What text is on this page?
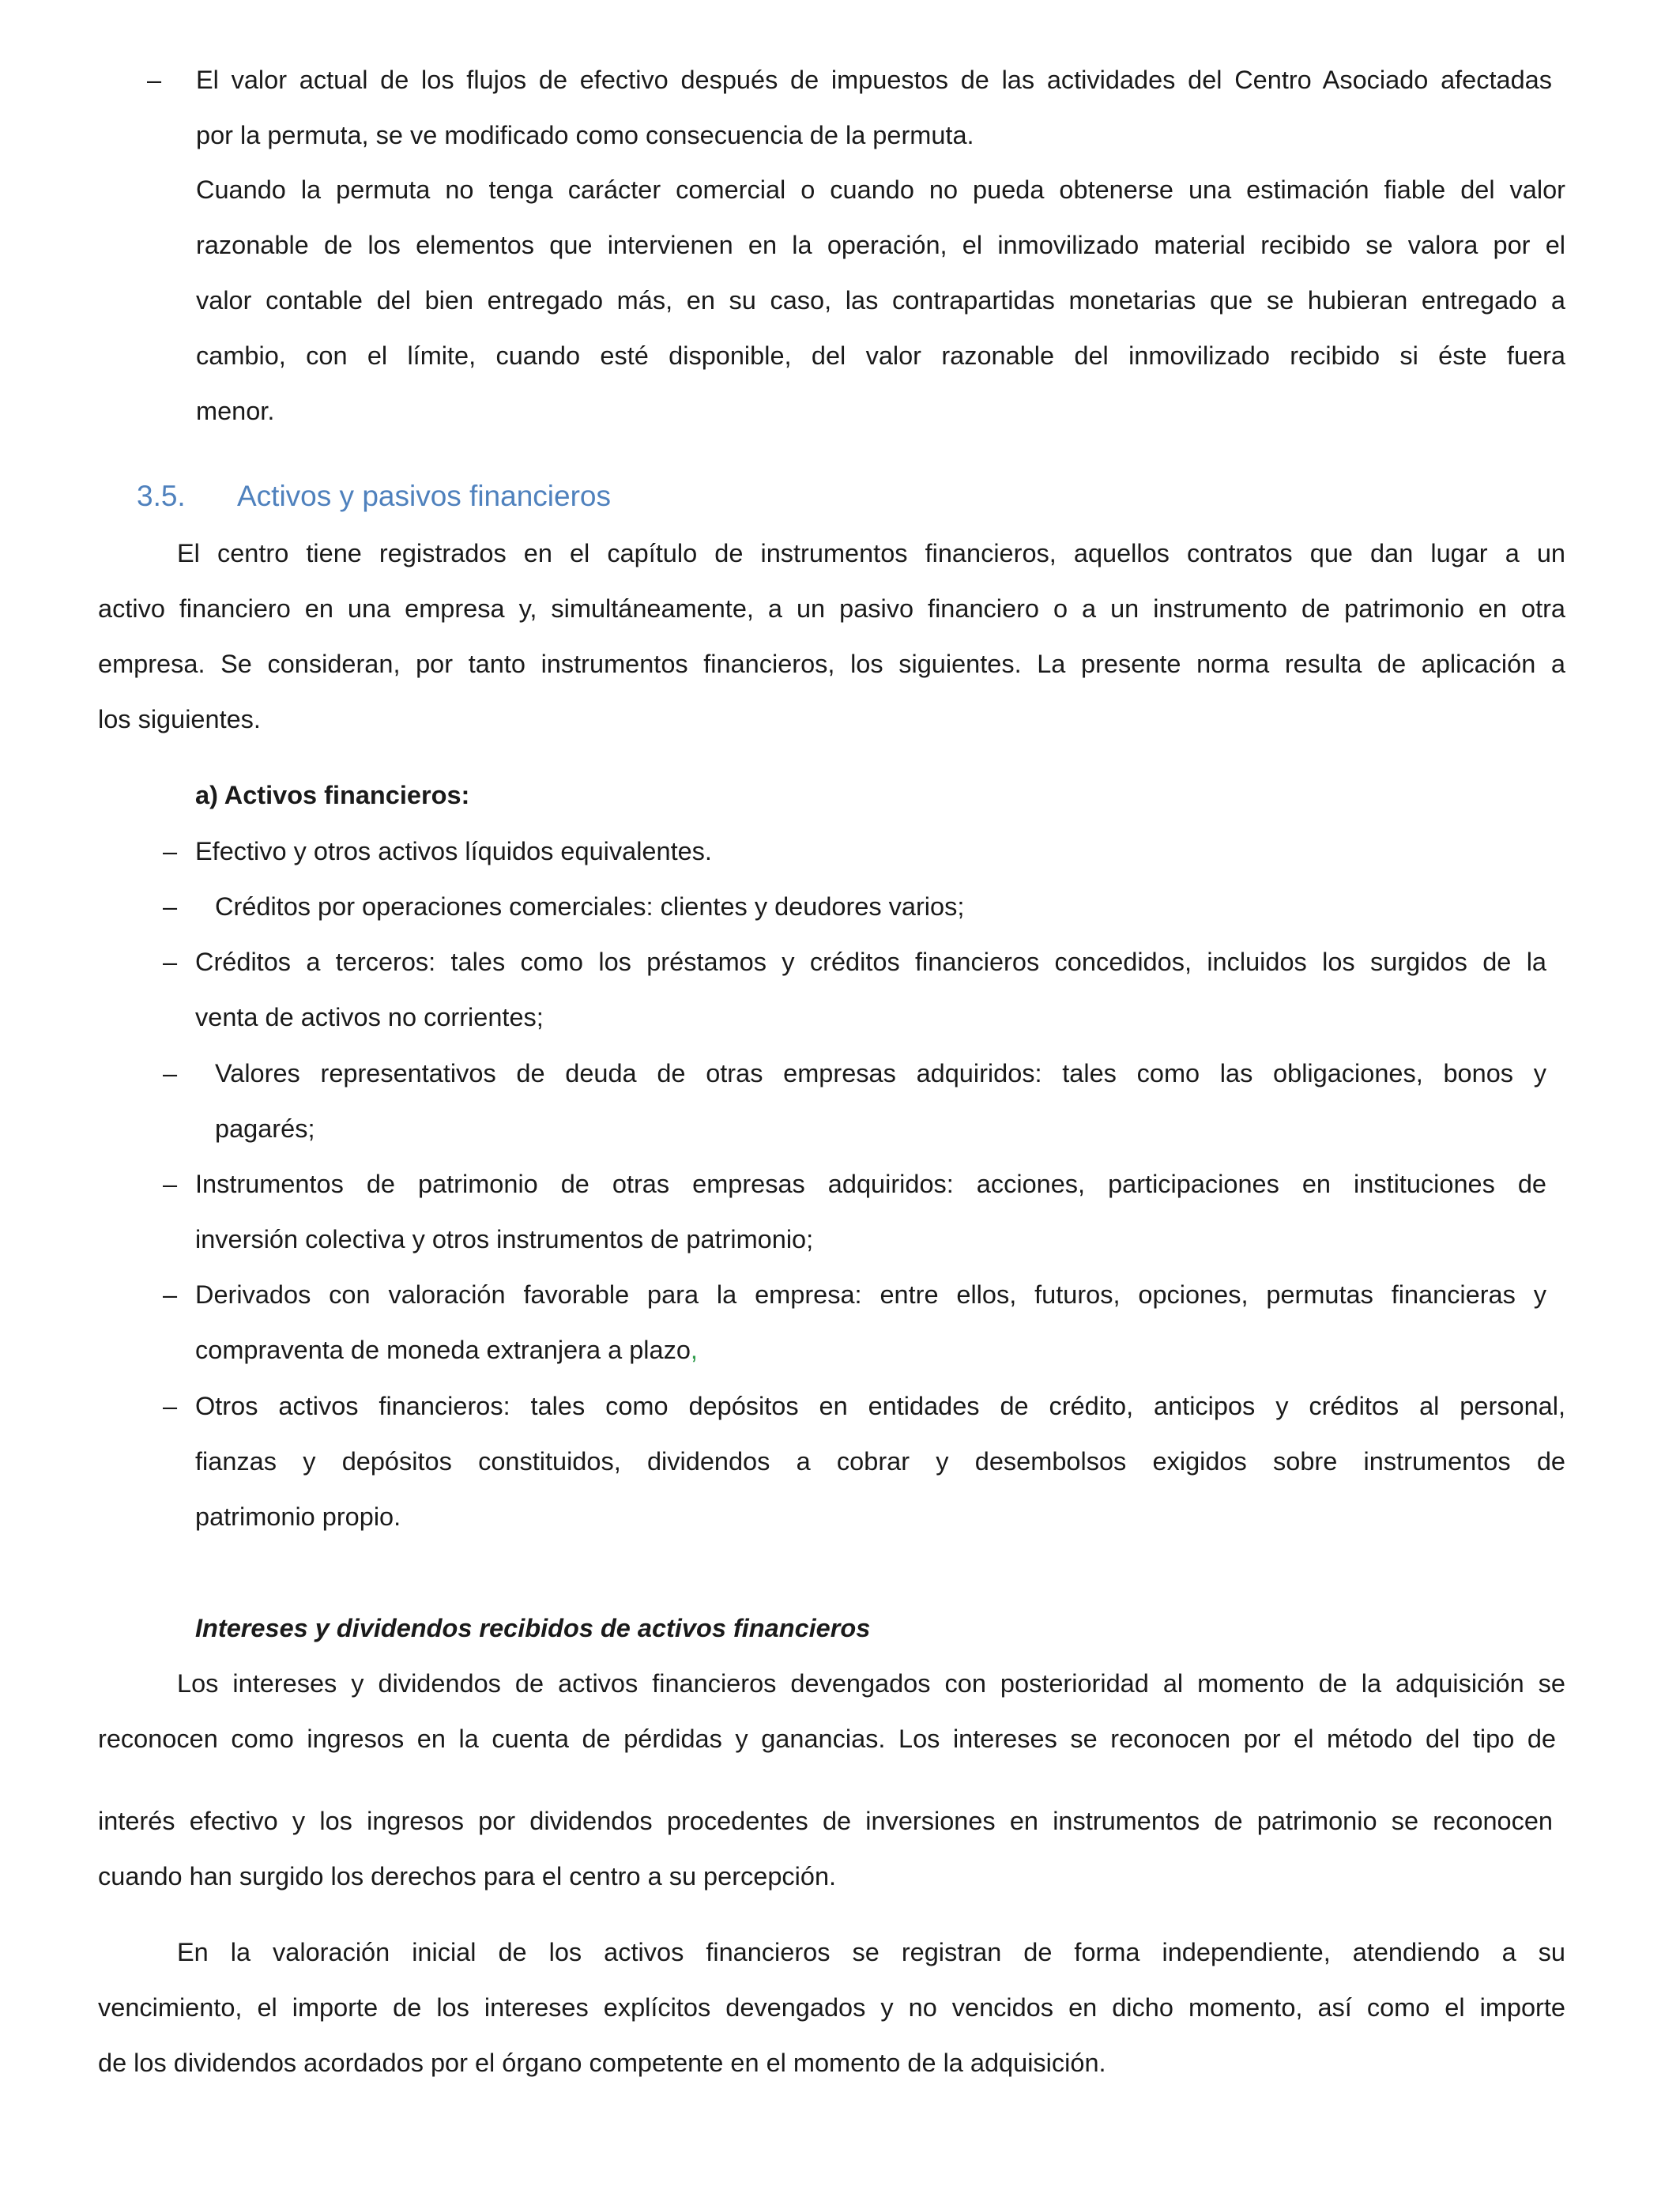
– El valor actual de los flujos de efectivo después de impuestos de las actividades del Centro Asociado afectadas
por la permuta, se ve modificado como consecuencia de la permuta.
Cuando la permuta no tenga carácter comercial o cuando no pueda obtenerse una estimación fiable del valor
razonable de los elementos que intervienen en la operación, el inmovilizado material recibido se valora por el
valor contable del bien entregado más, en su caso, las contrapartidas monetarias que se hubieran entregado a
cambio, con el límite, cuando esté disponible, del valor razonable del inmovilizado recibido si éste fuera
menor.
3.5. Activos y pasivos financieros
El centro tiene registrados en el capítulo de instrumentos financieros, aquellos contratos que dan lugar a un
activo financiero en una empresa y, simultáneamente, a un pasivo financiero o a un instrumento de patrimonio en otra
empresa. Se consideran, por tanto instrumentos financieros, los siguientes. La presente norma resulta de aplicación a
los siguientes.
a) Activos financieros:
– Efectivo y otros activos líquidos equivalentes.
– Créditos por operaciones comerciales: clientes y deudores varios;
– Créditos a terceros: tales como los préstamos y créditos financieros concedidos, incluidos los surgidos de la
venta de activos no corrientes;
– Valores representativos de deuda de otras empresas adquiridos: tales como las obligaciones, bonos y
pagarés;
– Instrumentos de patrimonio de otras empresas adquiridos: acciones, participaciones en instituciones de
inversión colectiva y otros instrumentos de patrimonio;
– Derivados con valoración favorable para la empresa: entre ellos, futuros, opciones, permutas financieras y
compraventa de moneda extranjera a plazo,
– Otros activos financieros: tales como depósitos en entidades de crédito, anticipos y créditos al personal,
fianzas y depósitos constituidos, dividendos a cobrar y desembolsos exigidos sobre instrumentos de
patrimonio propio.
Intereses y dividendos recibidos de activos financieros
Los intereses y dividendos de activos financieros devengados con posterioridad al momento de la adquisición se
reconocen como ingresos en la cuenta de pérdidas y ganancias. Los intereses se reconocen por el método del tipo de
interés efectivo y los ingresos por dividendos procedentes de inversiones en instrumentos de patrimonio se reconocen
cuando han surgido los derechos para el centro a su percepción.
En la valoración inicial de los activos financieros se registran de forma independiente, atendiendo a su
vencimiento, el importe de los intereses explícitos devengados y no vencidos en dicho momento, así como el importe
de los dividendos acordados por el órgano competente en el momento de la adquisición.
